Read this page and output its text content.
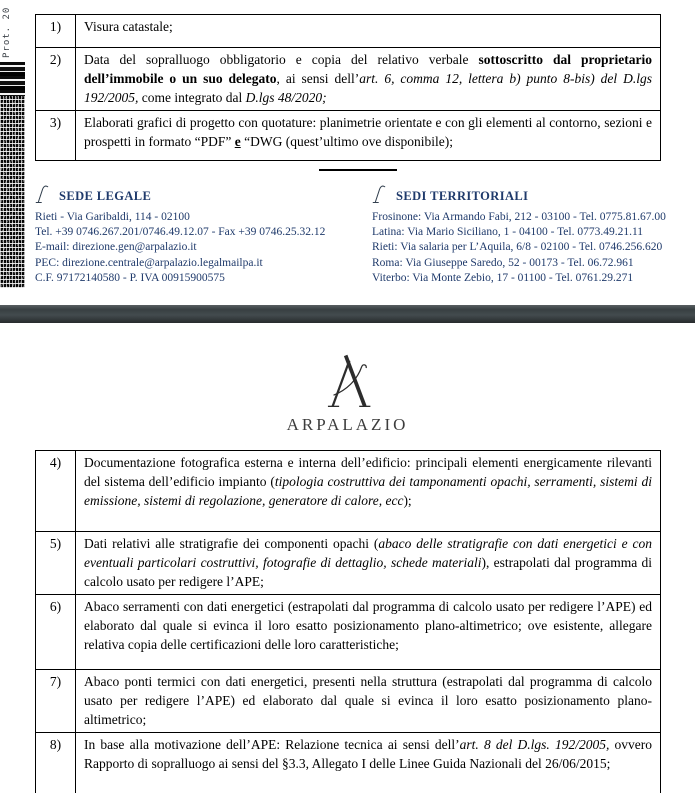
Prot. 20	1)	Visura catastale;
2)	Data del sopralluogo obbligatorio e copia del relativo verbale sottoscritto dal proprietario dell’immobile o un suo delegato, ai sensi dell’art. 6, comma 12, lettera b) punto 8-bis) del D.lgs 192/2005, come integrato dal D.lgs 48/2020;
3)	Elaborati grafici di progetto con quotature: planimetrie orientate e con gli elementi al contorno, sezioni e prospetti in formato “PDF” e “DWG (quest’ultimo ove disponibile);
SEDE LEGALE
Rieti - Via Garibaldi, 114 - 02100
Tel. +39 0746.267.201/0746.49.12.07 - Fax +39 0746.25.32.12
E-mail: direzione.gen@arpalazio.it
PEC: direzione.centrale@arpalazio.legalmailpa.it
C.F. 97172140580 - P. IVA 00915900575
SEDI TERRITORIALI
Frosinone: Via Armando Fabi, 212 - 03100 - Tel. 0775.81.67.00
Latina: Via Mario Siciliano, 1 - 04100 - Tel. 0773.49.21.11
Rieti: Via salaria per L’Aquila, 6/8 - 02100 - Tel. 0746.256.620
Roma: Via Giuseppe Saredo, 52 - 00173 - Tel. 06.72.961
Viterbo: Via Monte Zebio, 17 - 01100 - Tel. 0761.29.271
ARPALAZIO
4)	Documentazione fotografica esterna e interna dell’edificio: principali elementi energicamente rilevanti del sistema dell’edificio impianto (tipologia costruttiva dei tamponamenti opachi, serramenti, sistemi di emissione, sistemi di regolazione, generatore di calore, ecc);
5)	Dati relativi alle stratigrafie dei componenti opachi (abaco delle stratigrafie con dati energetici e con eventuali particolari costruttivi, fotografie di dettaglio, schede materiali), estrapolati dal programma di calcolo usato per redigere l’APE;
6)	Abaco serramenti con dati energetici (estrapolati dal programma di calcolo usato per redigere l’APE) ed elaborato dal quale si evinca il loro esatto posizionamento plano-altimetrico; ove esistente, allegare relativa copia delle certificazioni delle loro caratteristiche;
7)	Abaco ponti termici con dati energetici, presenti nella struttura (estrapolati dal programma di calcolo usato per redigere l’APE) ed elaborato dal quale si evinca il loro esatto posizionamento plano-altimetrico;
8)	In base alla motivazione dell’APE: Relazione tecnica ai sensi dell’art. 8 del D.lgs. 192/2005, ovvero Rapporto di sopralluogo ai sensi del §3.3, Allegato I delle Linee Guida Nazionali del 26/06/2015;
